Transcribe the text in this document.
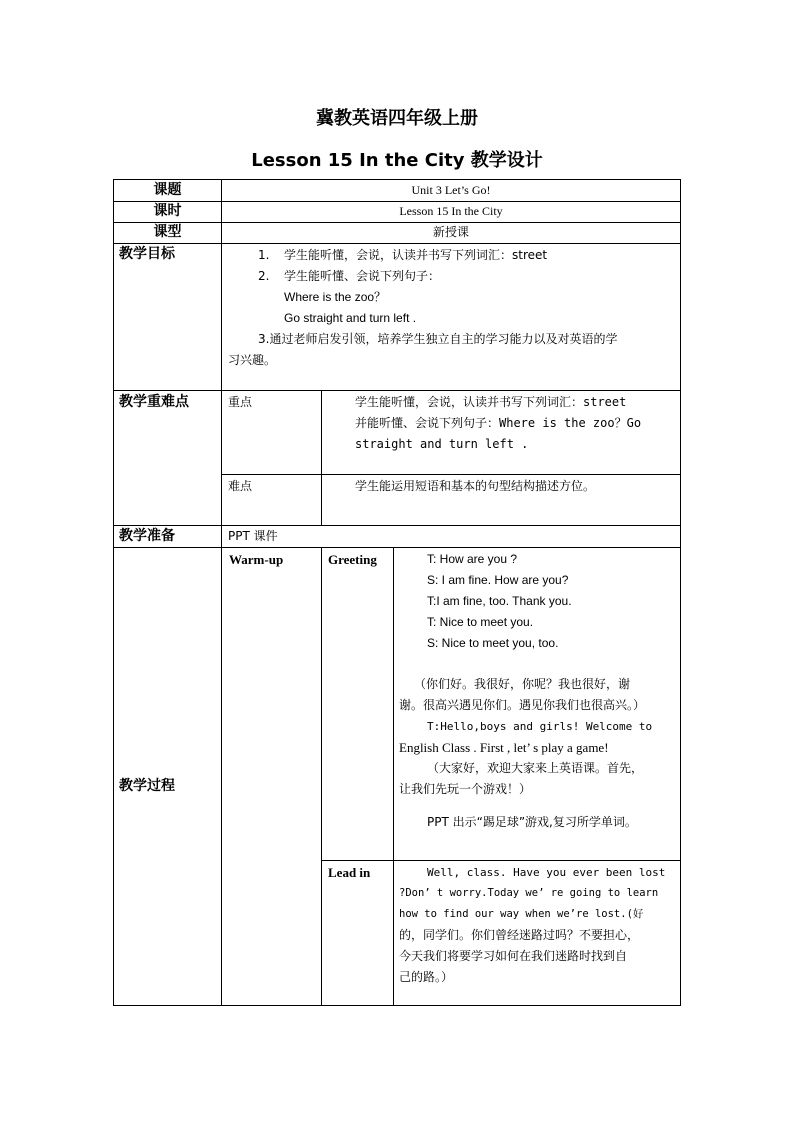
冀教英语四年级上册
Lesson 15 In the City 教学设计
课题	Unit 3 Let’s Go!
课时	Lesson 15 In the City
课型	新授课
教学目标	1. 学生能听懂，会说，认读并书写下列词汇：street
2. 学生能听懂、会说下列句子：
Where is the zoo？
Go straight and turn left .
3.通过老师启发引领，培养学生独立自主的学习能力以及对英语的学
习兴趣。
教学重难点	重点	学生能听懂，会说，认读并书写下列词汇：street
并能听懂、会说下列句子：Where is the zoo？Go
straight and turn left .
难点	学生能运用短语和基本的句型结构描述方位。
教学准备	PPT 课件
教学过程
Warm-up	Greeting	T: How are you ?
S: I am fine. How are you?
T:I am fine, too. Thank you.
T: Nice to meet you.
S: Nice to meet you, too.
（你们好。我很好，你呢？我也很好，谢
谢。很高兴遇见你们。遇见你我们也很高兴。）
T:Hello,boys and girls! Welcome to
English Class . First , let’ s play a game!
（大家好，欢迎大家来上英语课。首先，
让我们先玩一个游戏！）
PPT 出示“踢足球”游戏,复习所学单词。
Lead in	Well, class. Have you ever been lost
?Don’ t worry.Today we’ re going to learn
how to find our way when we’re lost.(好
的，同学们。你们曾经迷路过吗？不要担心，
今天我们将要学习如何在我们迷路时找到自
己的路。）
